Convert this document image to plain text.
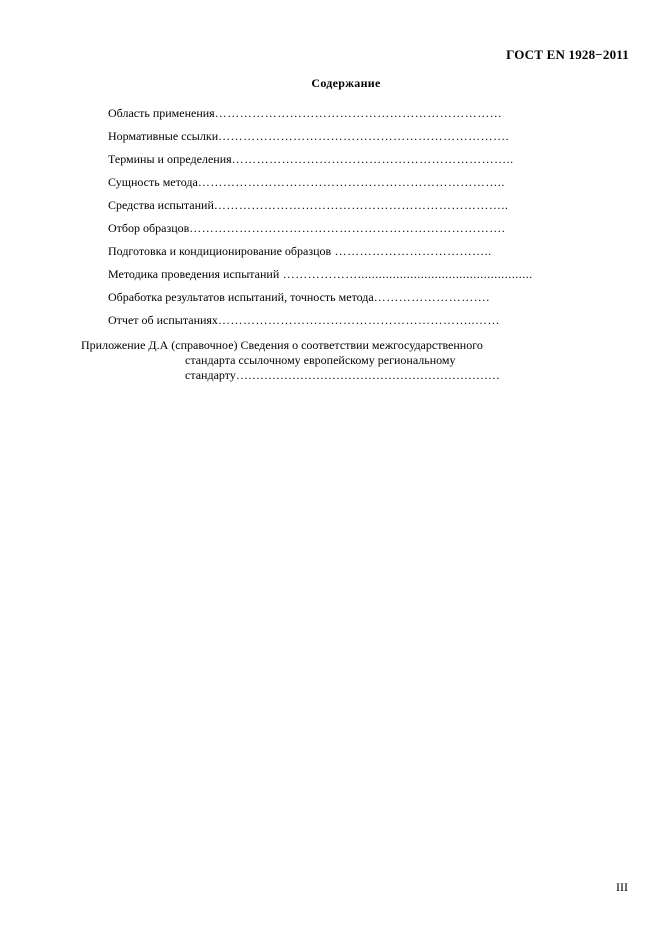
ГОСТ EN 1928−2011
Содержание
Область применения……………………………………………………………
Нормативные ссылки…………………………………………………………….
Термины и определения…………………………………………………………..
Сущность метода………………………………………………………………..
Средства испытаний……………………………………………………………..
Отбор образцов………………………………………………………………….
Подготовка и кондиционирование образцов ………………………………..
Методика проведения испытаний ………………..................................................
Обработка результатов испытаний, точность метода……………………….
Отчет об испытаниях……………………………………………………..……
Приложение Д.А (справочное) Сведения о соответствии межгосударственного
стандарта ссылочному европейскому региональному
стандарту…………………………………………………………
III
